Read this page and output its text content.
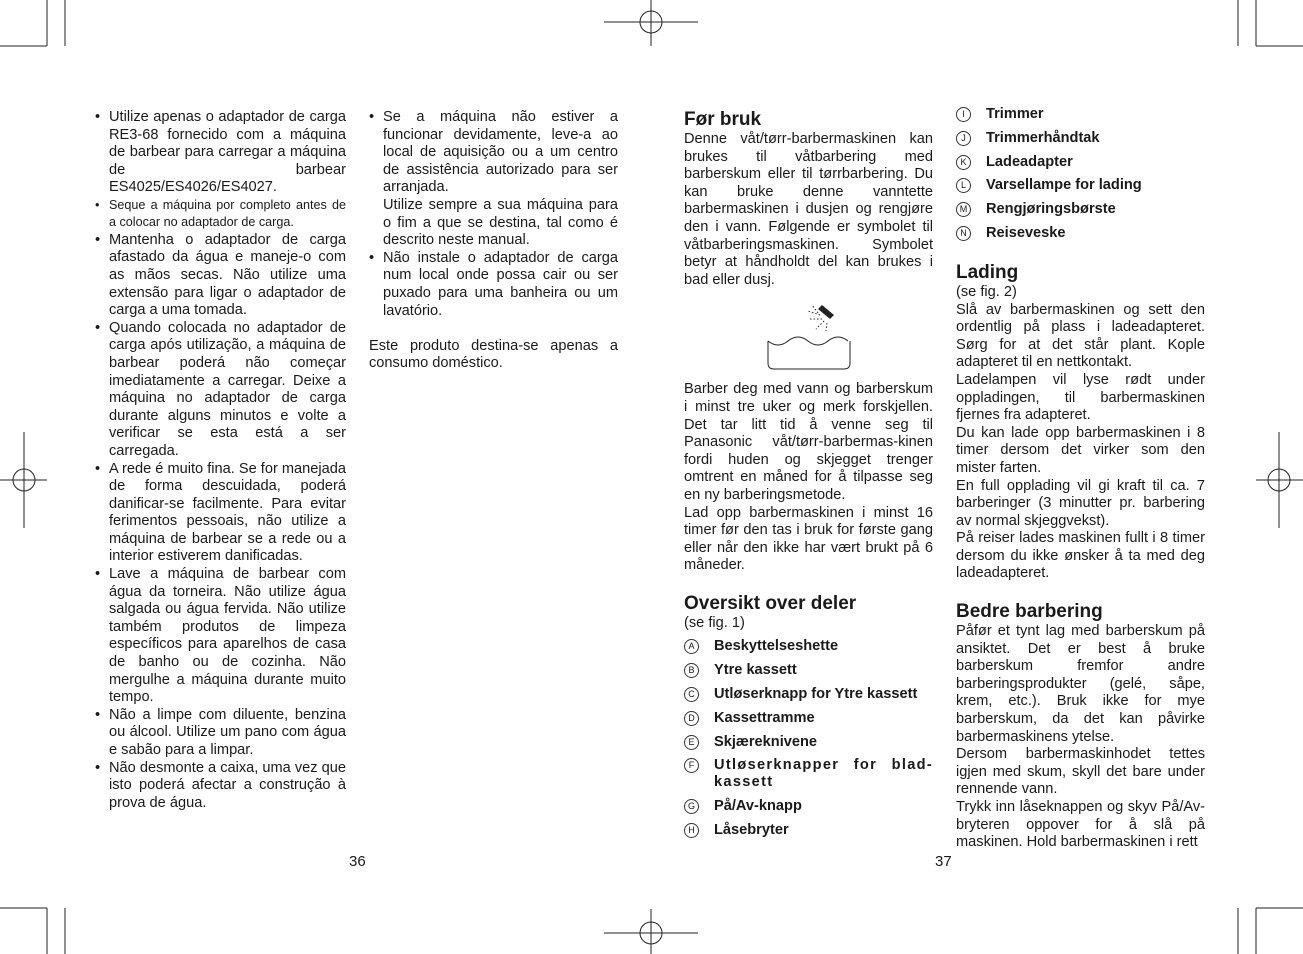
• Utilize apenas o adaptador de carga RE3-68 fornecido com a máquina de barbear para carregar a máquina de barbear ES4025/ES4026/ES4027.
• Seque a máquina por completo antes de a colocar no adaptador de carga.
• Mantenha o adaptador de carga afastado da água e maneje-o com as mãos secas. Não utilize uma extensão para ligar o adaptador de carga a uma tomada.
• Quando colocada no adaptador de carga após utilização, a máquina de barbear poderá não começar imediatamente a carregar. Deixe a máquina no adaptador de carga durante alguns minutos e volte a verificar se esta está a ser carregada.
• A rede é muito fina. Se for manejada de forma descuidada, poderá danificar-se facilmente. Para evitar ferimentos pessoais, não utilize a máquina de barbear se a rede ou a interior estiverem danificadas.
• Lave a máquina de barbear com água da torneira. Não utilize água salgada ou água fervida. Não utilize também produtos de limpeza específicos para aparelhos de casa de banho ou de cozinha. Não mergulhe a máquina durante muito tempo.
• Não a limpe com diluente, benzina ou álcool. Utilize um pano com água e sabão para a limpar.
• Não desmonte a caixa, uma vez que isto poderá afectar a construção à prova de água.
• Se a máquina não estiver a funcionar devidamente, leve-a ao local de aquisição ou a um centro de assistência autorizado para ser arranjada.
Utilize sempre a sua máquina para o fim a que se destina, tal como é descrito neste manual.
• Não instale o adaptador de carga num local onde possa cair ou ser puxado para uma banheira ou um lavatório.
Este produto destina-se apenas a consumo doméstico.
36
Før bruk
Denne våt/tørr-barbermaskinen kan brukes til våtbarbering med barberskum eller til tørrbarbering. Du kan bruke denne vanntette barbermaskinen i dusjen og rengjøre den i vann. Følgende er symbolet til våtbarberingsmaskinen. Symbolet betyr at håndholdt del kan brukes i bad eller dusj.
Barber deg med vann og barberskum i minst tre uker og merk forskjellen. Det tar litt tid å venne seg til Panasonic våt/tørr-barbermas-kinen fordi huden og skjegget trenger omtrent en måned for å tilpasse seg en ny barberingsmetode.
Lad opp barbermaskinen i minst 16 timer før den tas i bruk for første gang eller når den ikke har vært brukt på 6 måneder.
Oversikt over deler
(se fig. 1)
A	Beskyttelseshette
B	Ytre kassett
C Utløserknapp for Ytre kassett
D Kassettramme
E	Skjæreknivene
F	Utløserknapper for blad-kassett
G På/Av-knapp
H Låsebryter
I	Trimmer
J	Trimmerhåndtak
K	Ladeadapter
L	Varsellampe for lading
M Rengjøringsbørste
N Reiseveske
Lading
(se fig. 2)
Slå av barbermaskinen og sett den ordentlig på plass i ladeadapteret. Sørg for at det står plant. Kople adapteret til en nettkontakt.
Ladelampen vil lyse rødt under oppladingen, til barbermaskinen fjernes fra adapteret.
Du kan lade opp barbermaskinen i 8 timer dersom det virker som den mister farten.
En full opplading vil gi kraft til ca. 7 barberinger (3 minutter pr. barbering av normal skjeggvekst).
På reiser lades maskinen fullt i 8 timer dersom du ikke ønsker å ta med deg ladeadapteret.
Bedre barbering
Påfør et tynt lag med barberskum på ansiktet. Det er best å bruke barberskum fremfor andre barberingsprodukter (gelé, såpe, krem, etc.). Bruk ikke for mye barberskum, da det kan påvirke barbermaskinens ytelse.
Dersom barbermaskinhodet tettes igjen med skum, skyll det bare under rennende vann.
Trykk inn låseknappen og skyv På/Av-bryteren oppover for å slå på maskinen. Hold barbermaskinen i rett
37
